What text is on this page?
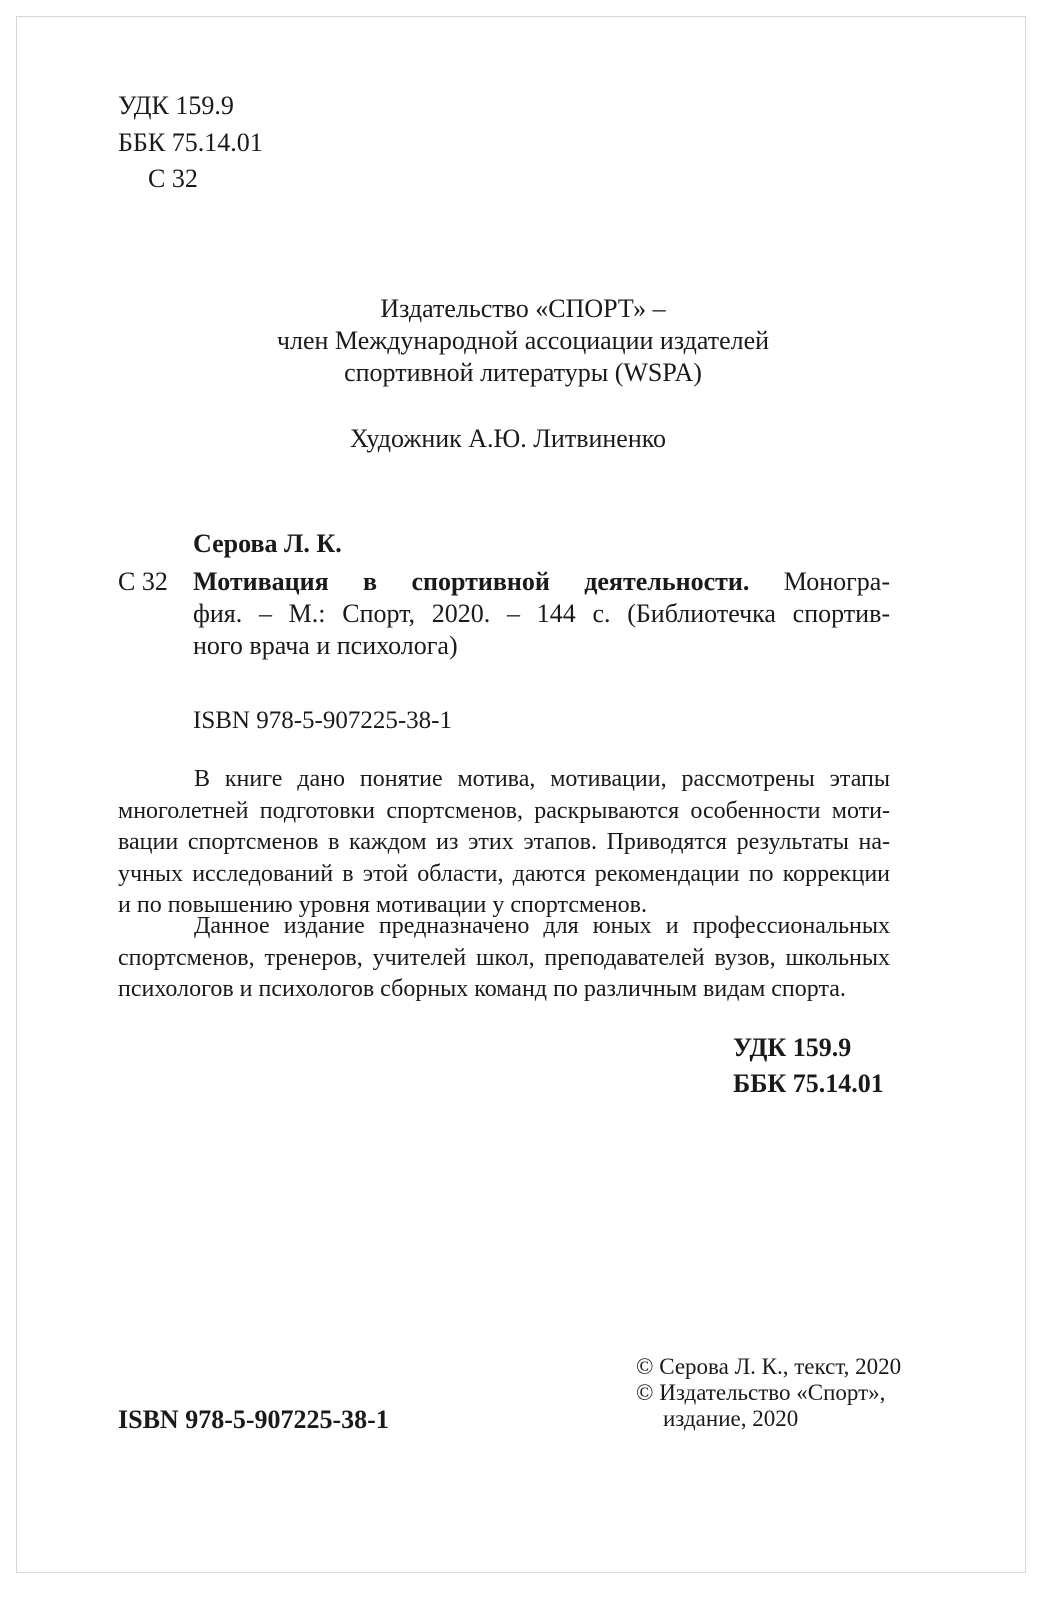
УДК 159.9
ББК 75.14.01
С 32
Издательство «СПОРТ» –
член Международной ассоциации издателей
спортивной литературы (WSPA)
Художник А.Ю. Литвиненко
Серова Л. К.
С 32 Мотивация в спортивной деятельности. Моногра-
фия. – М.: Спорт, 2020. – 144 с. (Библиотечка спортив-
ного врача и психолога)
ISBN 978-5-907225-38-1
В книге дано понятие мотива, мотивации, рассмотрены этапы
многолетней подготовки спортсменов, раскрываются особенности моти-
вации спортсменов в каждом из этих этапов. Приводятся результаты на-
учных исследований в этой области, даются рекомендации по коррекции
и по повышению уровня мотивации у спортсменов.
Данное издание предназначено для юных и профессиональных
спортсменов, тренеров, учителей школ, преподавателей вузов, школьных
психологов и психологов сборных команд по различным видам спорта.
УДК 159.9
ББК 75.14.01
ISBN 978-5-907225-38-1
© Серова Л. К., текст, 2020
© Издательство «Спорт»,
издание, 2020
